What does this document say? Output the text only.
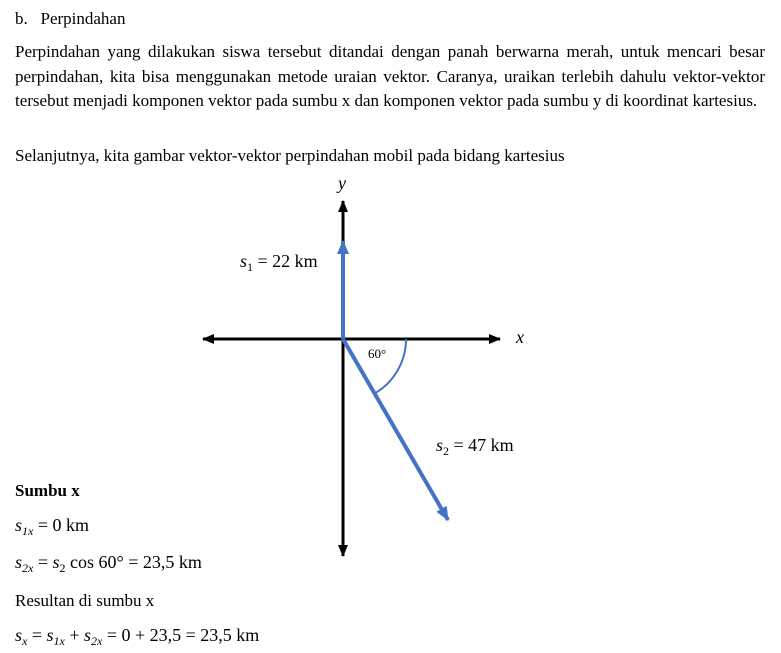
b. Perpindahan
Perpindahan yang dilakukan siswa tersebut ditandai dengan panah berwarna merah, untuk mencari besar perpindahan, kita bisa menggunakan metode uraian vektor. Caranya, uraikan terlebih dahulu vektor-vektor tersebut menjadi komponen vektor pada sumbu x dan komponen vektor pada sumbu y di koordinat kartesius.
Selanjutnya, kita gambar vektor-vektor perpindahan mobil pada bidang kartesius
60°
x
y
$s_1 = 22$ km
$s_2 = 47$ km
Sumbu x
$s_{1x} = 0$ km
$s_{2x} = s_2$ cos 60° = 23,5 km
Resultan di sumbu x
$s_x = s_{1x} + s_{2x} = 0 + 23,5 = 23,5$ km
